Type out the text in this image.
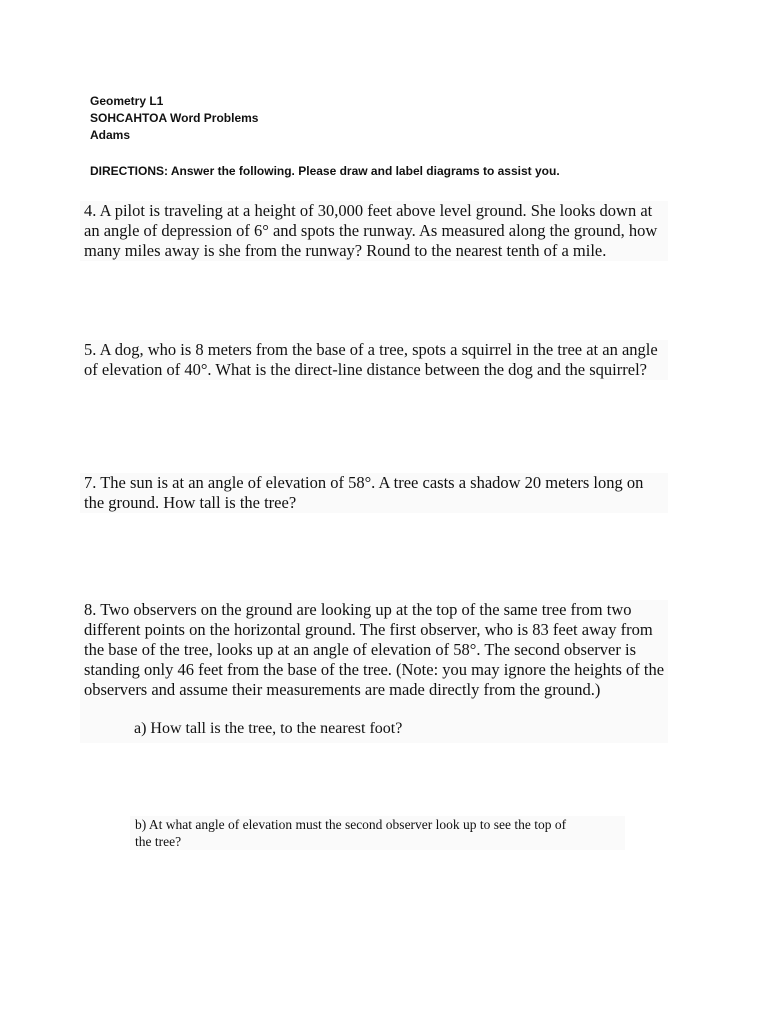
Geometry L1
SOHCAHTOA Word Problems
Adams
DIRECTIONS: Answer the following. Please draw and label diagrams to assist you.
4. A pilot is traveling at a height of 30,000 feet above level ground. She looks down at
an angle of depression of 6° and spots the runway. As measured along the ground, how
many miles away is she from the runway? Round to the nearest tenth of a mile.
5. A dog, who is 8 meters from the base of a tree, spots a squirrel in the tree at an angle
of elevation of 40°. What is the direct-line distance between the dog and the squirrel?
7. The sun is at an angle of elevation of 58°. A tree casts a shadow 20 meters long on
the ground. How tall is the tree?
8. Two observers on the ground are looking up at the top of the same tree from two
different points on the horizontal ground. The first observer, who is 83 feet away from
the base of the tree, looks up at an angle of elevation of 58°. The second observer is
standing only 46 feet from the base of the tree. (Note: you may ignore the heights of the
observers and assume their measurements are made directly from the ground.)
a) How tall is the tree, to the nearest foot?
b) At what angle of elevation must the second observer look up to see the top of
the tree?
